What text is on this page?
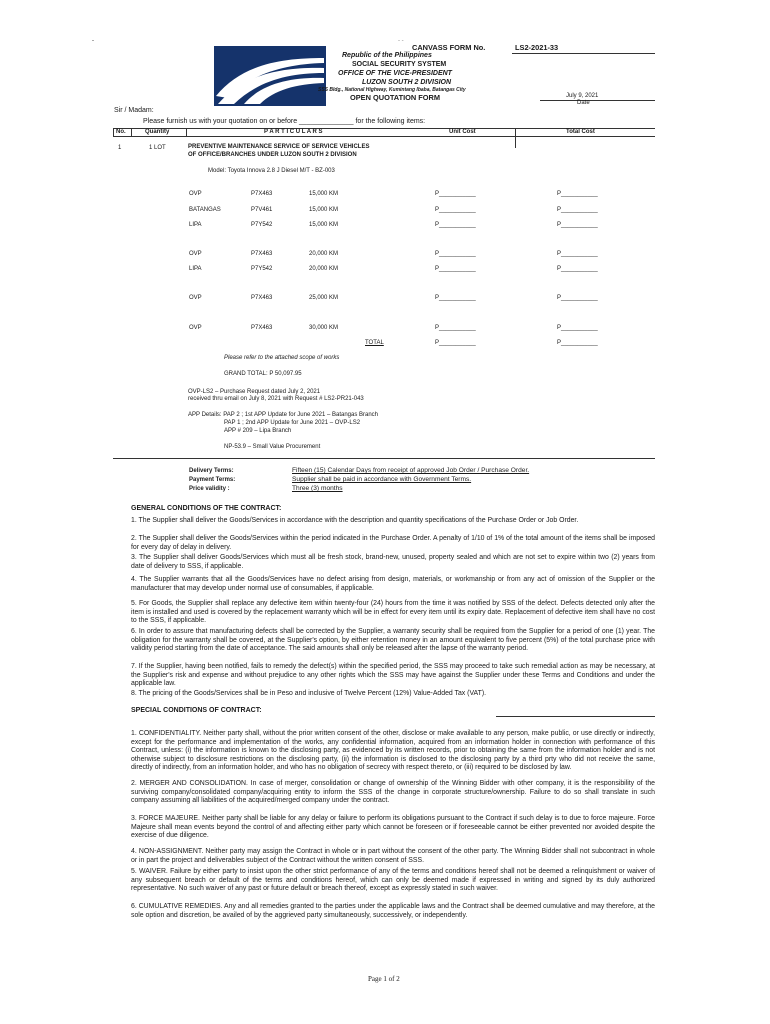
-	- -
CANVASS FORM No.	LS2-2021-33
Republic of the Philippines
SOCIAL SECURITY SYSTEM
OFFICE OF THE VICE-PRESIDENT
LUZON SOUTH 2 DIVISION
SSS Bldg., National Highway, Kumintang Ibaba, Batangas City
OPEN QUOTATION FORM	July 9, 2021
Date
Sir / Madam:
Please furnish us with your quotation on or before ______________ for the following items:
No.	Quantity	P A R T I C U L A R S	Unit Cost	Total Cost
1	1 LOT	PREVENTIVE MAINTENANCE SERVICE OF SERVICE VEHICLES
OF OFFICE/BRANCHES UNDER LUZON SOUTH 2 DIVISION
Model: Toyota Innova 2.8 J Diesel M/T - BZ-003
OVP	P7X463	15,000 KM	P___________	P___________
BATANGAS	P7V461	15,000 KM	P___________	P___________
LIPA	P7Y542	15,000 KM	P___________	P___________
OVP	P7X463	20,000 KM	P___________	P___________
LIPA	P7Y542	20,000 KM	P___________	P___________
OVP	P7X463	25,000 KM	P___________	P___________
OVP	P7X463	30,000 KM	P___________	P___________
TOTAL	P___________	P___________
Please refer to the attached scope of works
GRAND TOTAL: P 50,097.95
OVP-LS2 – Purchase Request dated July 2, 2021
received thru email on July 8, 2021 with Request # LS2-PR21-043
APP Details: PAP 2 ; 1st APP Update for June 2021 – Batangas Branch
PAP 1 ; 2nd APP Update for June 2021 – OVP-LS2
APP # 209 – Lipa Branch
NP-53.9 – Small Value Procurement
Delivery Terms:	Fifteen (15) Calendar Days from receipt of approved Job Order / Purchase Order.
Payment Terms:	Supplier shall be paid in accordance with Government Terms.
Price validity :	Three (3) months
GENERAL CONDITIONS OF THE CONTRACT:
1. The Supplier shall deliver the Goods/Services in accordance with the description and quantity specifications of the Purchase Order or Job Order.
2. The Supplier shall deliver the Goods/Services within the period indicated in the Purchase Order. A penalty of 1/10 of 1% of the total amount of the items shall be imposed for every day of delay in delivery.
3. The Supplier shall deliver Goods/Services which must all be fresh stock, brand-new, unused, property sealed and which are not set to expire within two (2) years from date of delivery to SSS, if applicable.
4. The Supplier warrants that all the Goods/Services have no defect arising from design, materials, or workmanship or from any act of omission of the Supplier or the manufacturer that may develop under normal use of consumables, if applicable.
5. For Goods, the Supplier shall replace any defective item within twenty-four (24) hours from the time it was notified by SSS of the defect. Defects detected only after the item is installed and used is covered by the replacement warranty which will be in effect for every item until its expiry date. Replacement of defective item shall have no cost to the SSS, if applicable.
6. In order to assure that manufacturing defects shall be corrected by the Supplier, a warranty security shall be required from the Supplier for a period of one (1) year. The obligation for the warranty shall be covered, at the Supplier's option, by either retention money in an amount equivalent to five percent (5%) of the total purchase price with validity period starting from the date of acceptance. The said amounts shall only be released after the lapse of the warranty period.
7. If the Supplier, having been notified, fails to remedy the defect(s) within the specified period, the SSS may proceed to take such remedial action as may be necessary, at the Supplier's risk and expense and without prejudice to any other rights which the SSS may have against the Supplier under these Terms and Conditions and under the applicable law.
8. The pricing of the Goods/Services shall be in Peso and inclusive of Twelve Percent (12%) Value-Added Tax (VAT).
SPECIAL CONDITIONS OF CONTRACT:
1. CONFIDENTIALITY. Neither party shall, without the prior written consent of the other, disclose or make available to any person, make public, or use directly or indirectly, except for the performance and implementation of the works, any confidential information, acquired from an information holder in connection with performance of this Contract, unless: (i) the information is known to the disclosing party, as evidenced by its written records, prior to obtaining the same from the information holder and is not otherwise subject to disclosure restrictions on the disclosing party, (ii) the information is disclosed to the disclosing party by a third prty who did not receive the same, directly of indirectly, from an information holder, and who has no obligation of secrecy with respect thereto, or (iii) required to be disclosed by law.
2. MERGER AND CONSOLIDATION. In case of merger, consolidation or change of ownership of the Winning Bidder with other company, it is the responsibility of the surviving company/consolidated company/acquiring entity to inform the SSS of the change in corporate structure/ownership. Failure to do so shall translate in such company assuming all liabilities of the acquired/merged company under the contract.
3. FORCE MAJEURE. Neither party shall be liable for any delay or failure to perform its obligations pursuant to the Contract if such delay is to due to force majeure. Force Majeure shall mean events beyond the control of and affecting either party which cannot be foreseen or if foreseeable cannot be either prevented nor avoided despite the exercise of due diligence.
4. NON-ASSIGNMENT. Neither party may assign the Contract in whole or in part without the consent of the other party. The Winning Bidder shall not subcontract in whole or in part the project and deliverables subject of the Contract without the written consent of SSS.
5. WAIVER. Failure by either party to insist upon the other strict performance of any of the terms and conditions hereof shall not be deemed a relinquishment or waiver of any subsequent breach or default of the terms and conditions hereof, which can only be deemed made if expressed in writing and signed by its duly authorized representative. No such waiver of any past or future default or breach thereof, except as expressly stated in such waiver.
6. CUMULATIVE REMEDIES. Any and all remedies granted to the parties under the applicable laws and the Contract shall be deemed cumulative and may therefore, at the sole option and discretion, be availed of by the aggrieved party simultaneously, successively, or independently.
Page 1 of 2
